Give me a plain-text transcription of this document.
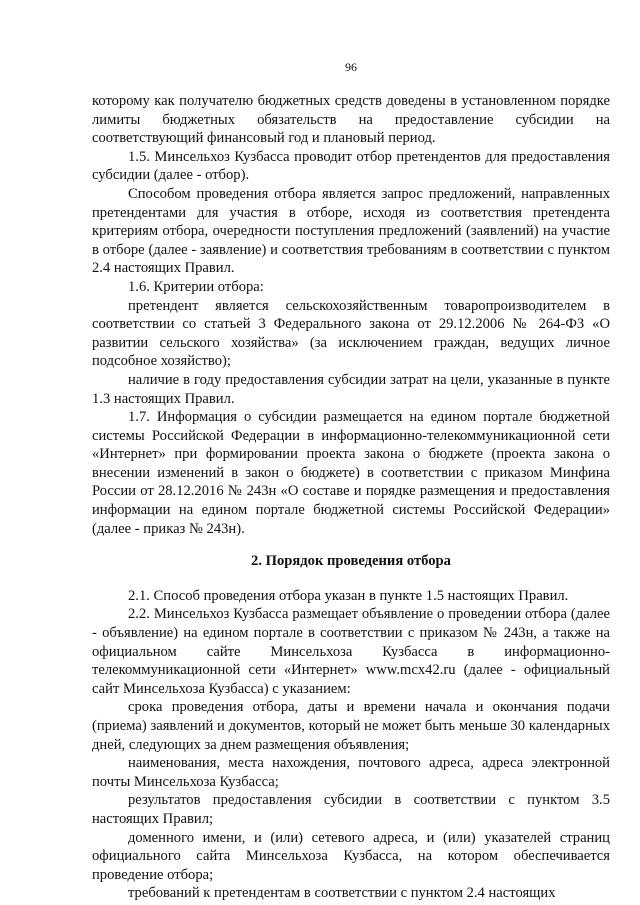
96

которому как получателю бюджетных средств доведены в установленном порядке лимиты бюджетных обязательств на предоставление субсидии на соответствующий финансовый год и плановый период.

1.5. Минсельхоз Кузбасса проводит отбор претендентов для предоставления субсидии (далее - отбор).

Способом проведения отбора является запрос предложений, направленных претендентами для участия в отборе, исходя из соответствия претендента критериям отбора, очередности поступления предложений (заявлений) на участие в отборе (далее - заявление) и соответствия требованиям в соответствии с пунктом 2.4 настоящих Правил.

1.6. Критерии отбора:

претендент является сельскохозяйственным товаропроизводителем в соответствии со статьей 3 Федерального закона от 29.12.2006 № 264-ФЗ «О развитии сельского хозяйства» (за исключением граждан, ведущих личное подсобное хозяйство);

наличие в году предоставления субсидии затрат на цели, указанные в пункте 1.3 настоящих Правил.

1.7. Информация о субсидии размещается на едином портале бюджетной системы Российской Федерации в информационно-телекоммуникационной сети «Интернет» при формировании проекта закона о бюджете (проекта закона о внесении изменений в закон о бюджете) в соответствии с приказом Минфина России от 28.12.2016 № 243н «О составе и порядке размещения и предоставления информации на едином портале бюджетной системы Российской Федерации» (далее - приказ № 243н).

2. Порядок проведения отбора

2.1. Способ проведения отбора указан в пункте 1.5 настоящих Правил.

2.2. Минсельхоз Кузбасса размещает объявление о проведении отбора (далее - объявление) на едином портале в соответствии с приказом № 243н, а также на официальном сайте Минсельхоза Кузбасса в информационно-телекоммуникационной сети «Интернет» www.mcx42.ru (далее - официальный сайт Минсельхоза Кузбасса) с указанием:

срока проведения отбора, даты и времени начала и окончания подачи (приема) заявлений и документов, который не может быть меньше 30 календарных дней, следующих за днем размещения объявления;

наименования, места нахождения, почтового адреса, адреса электронной почты Минсельхоза Кузбасса;

результатов предоставления субсидии в соответствии с пунктом 3.5 настоящих Правил;

доменного имени, и (или) сетевого адреса, и (или) указателей страниц официального сайта Минсельхоза Кузбасса, на котором обеспечивается проведение отбора;

требований к претендентам в соответствии с пунктом 2.4 настоящих
